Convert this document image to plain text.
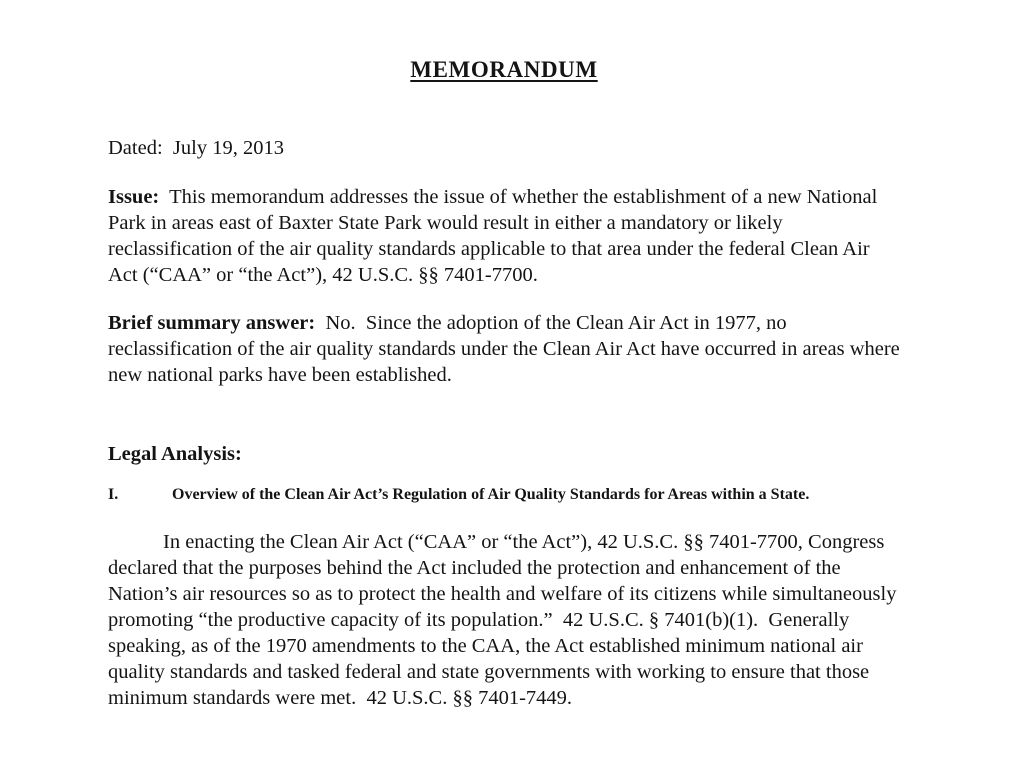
MEMORANDUM

Dated:  July 19, 2013

Issue:  This memorandum addresses the issue of whether the establishment of a new National Park in areas east of Baxter State Park would result in either a mandatory or likely reclassification of the air quality standards applicable to that area under the federal Clean Air Act (“CAA” or “the Act”), 42 U.S.C. §§ 7401-7700.

Brief summary answer:  No.  Since the adoption of the Clean Air Act in 1977, no reclassification of the air quality standards under the Clean Air Act have occurred in areas where new national parks have been established.

Legal Analysis:

I.	Overview of the Clean Air Act’s Regulation of Air Quality Standards for Areas within a State.

In enacting the Clean Air Act (“CAA” or “the Act”), 42 U.S.C. §§ 7401-7700, Congress declared that the purposes behind the Act included the protection and enhancement of the Nation’s air resources so as to protect the health and welfare of its citizens while simultaneously promoting “the productive capacity of its population.”  42 U.S.C. § 7401(b)(1).  Generally speaking, as of the 1970 amendments to the CAA, the Act established minimum national air quality standards and tasked federal and state governments with working to ensure that those minimum standards were met.  42 U.S.C. §§ 7401-7449.
